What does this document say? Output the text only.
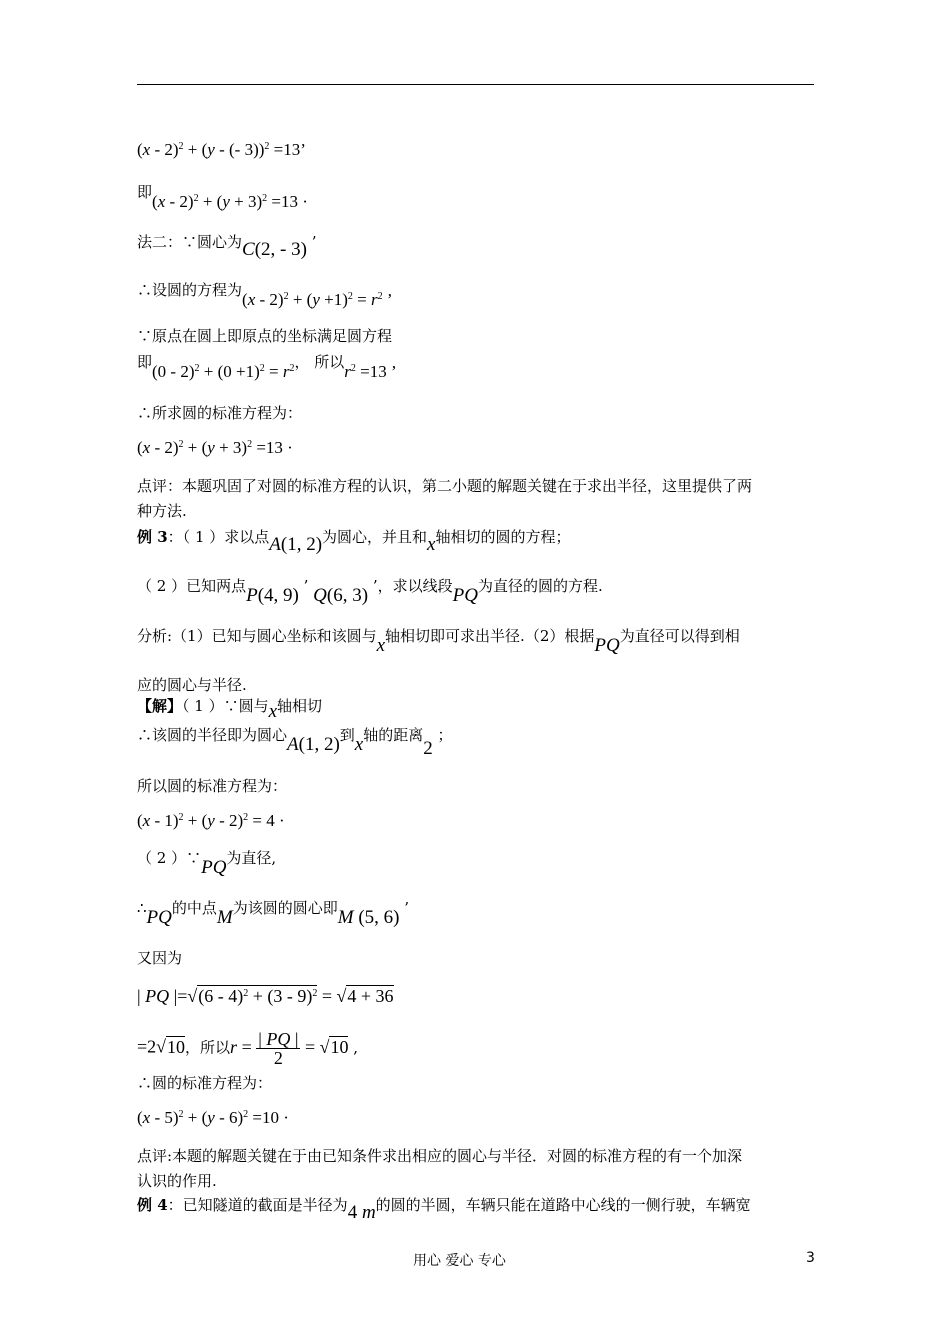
(x - 2)$^2$ + (y - (- 3))$^2$ =13’
即$(x - 2)^2 + (y + 3)^2 =13$ ·
法二：∵圆心为C(2, - 3) ’
∴设圆的方程为$(x - 2)^2 + (y +1)^2 = r^2$ ’
∵原点在圆上即原点的坐标满足圆方程
即$(0 - 2)^2 + (0 +1)^2 = r^2$， 所以$r^2 =13$ ’
∴所求圆的标准方程为：
$(x - 2)^2 + (y + 3)^2 =13$ ·
点评：本题巩固了对圆的标准方程的认识，第二小题的解题关键在于求出半径，这里提供了两
种方法.
例 3：（ 1 ）求以点A(1, 2)为圆心，并且和x轴相切的圆的方程；
（ 2 ）已知两点P(4, 9) ’ Q(6, 3) ’，求以线段PQ为直径的圆的方程.
分析:（1）已知与圆心坐标和该圆与x轴相切即可求出半径.（2）根据PQ为直径可以得到相
应的圆心与半径.
【解】（ 1 ）∵圆与x轴相切
∴该圆的半径即为圆心A(1, 2)到x轴的距离2 ；
所以圆的标准方程为：
(x - 1)$^2$ + (y - 2)$^2$ = 4 ·
（ 2 ）∵PQ为直径,
∴PQ的中点M为该圆的圆心即M (5, 6) ’
又因为
| PQ |=√(6 - 4)$^2$ + (3 - 9)$^2$ = √4 + 36
=2√10，所以$r = \frac{| PQ |}{2} = √10$ ,
∴圆的标准方程为：
(x - 5)$^2$ + (y - 6)$^2$ =10 ·
点评:本题的解题关键在于由已知条件求出相应的圆心与半径．对圆的标准方程的有一个加深
认识的作用.
例 4：已知隧道的截面是半径为4 m的圆的半圆，车辆只能在道路中心线的一侧行驶，车辆宽
用心 爱心 专心	3
